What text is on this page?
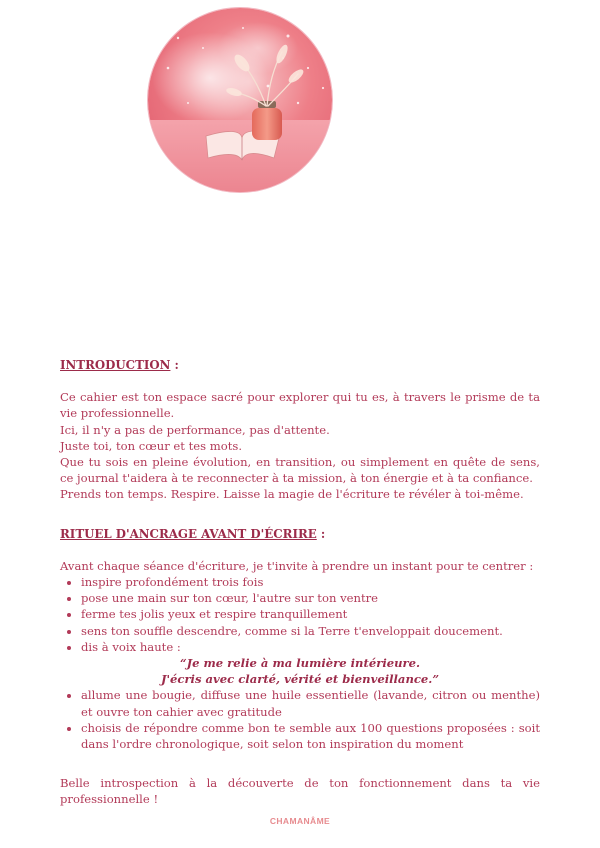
INTRODUCTION :

Ce cahier est ton espace sacré pour explorer qui tu es, à travers le prisme de ta vie professionnelle.

Ici, il n'y a pas de performance, pas d'attente.

Juste toi, ton cœur et tes mots.

Que tu sois en pleine évolution, en transition, ou simplement en quête de sens, ce journal t'aidera à te reconnecter à ta mission, à ton énergie et à ta confiance.

Prends ton temps. Respire. Laisse la magie de l'écriture te révéler à toi-même.

RITUEL D'ANCRAGE AVANT D'ÉCRIRE :

Avant chaque séance d'écriture, je t'invite à prendre un instant pour te centrer :

• inspire profondément trois fois
• pose une main sur ton cœur, l'autre sur ton ventre
• ferme tes jolis yeux et respire tranquillement
• sens ton souffle descendre, comme si la Terre t'enveloppait doucement.
• dis à voix haute :

“Je me relie à ma lumière intérieure.

J'écris avec clarté, vérité et bienveillance.”

• allume une bougie, diffuse une huile essentielle (lavande, citron ou menthe) et ouvre ton cahier avec gratitude
• choisis de répondre comme bon te semble aux 100 questions proposées : soit dans l'ordre chronologique, soit selon ton inspiration du moment

Belle introspection à la découverte de ton fonctionnement dans ta vie professionnelle !

CHAMANÂME
